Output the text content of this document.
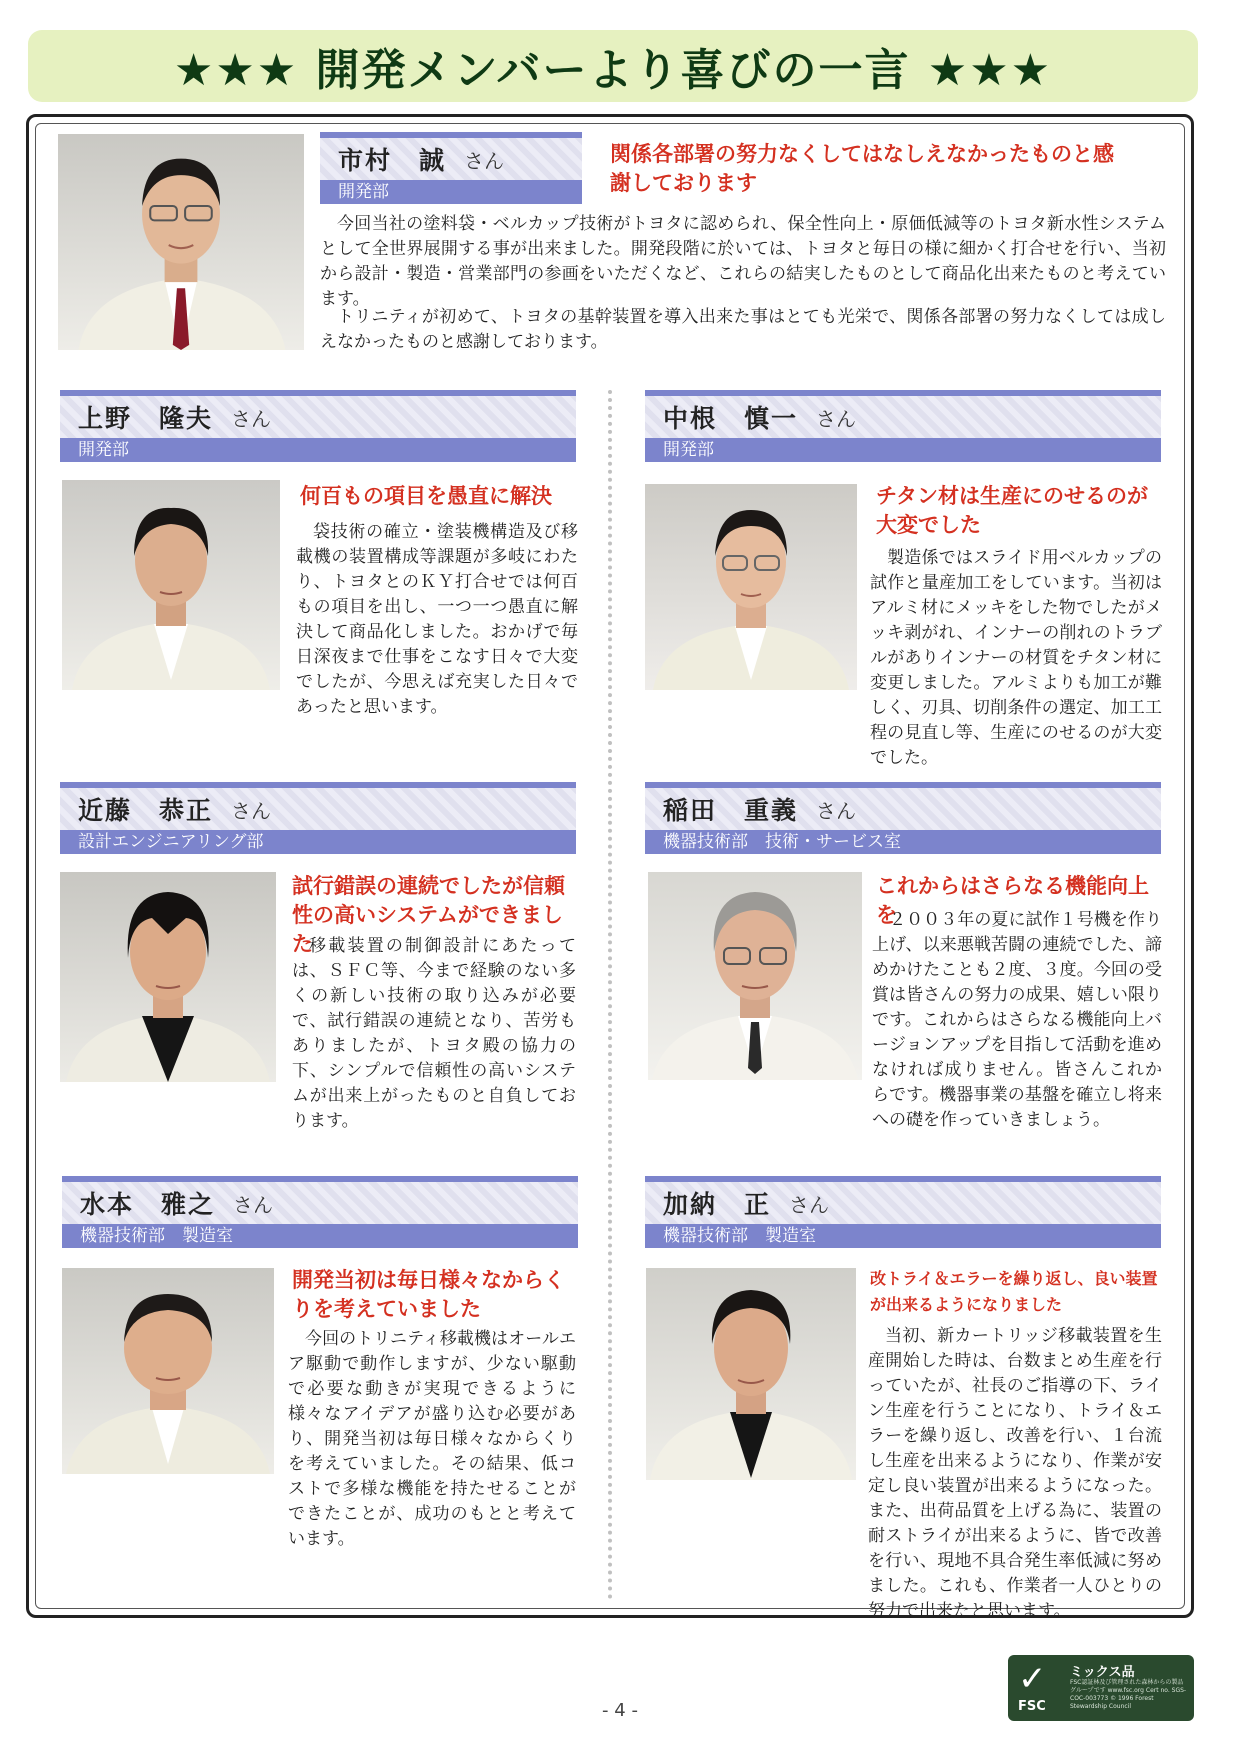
★★★ 開発メンバーより喜びの一言 ★★★
市村　誠 さん
開発部
関係各部署の努力なくしてはなしえなかったものと感謝しております
今回当社の塗料袋・ベルカップ技術がトヨタに認められ、保全性向上・原価低減等のトヨタ新水性システムとして全世界展開する事が出来ました。開発段階に於いては、トヨタと毎日の様に細かく打合せを行い、当初から設計・製造・営業部門の参画をいただくなど、これらの結実したものとして商品化出来たものと考えています。
トリニティが初めて、トヨタの基幹装置を導入出来た事はとても光栄で、関係各部署の努力なくしては成しえなかったものと感謝しております。
上野　隆夫 さん
開発部
何百もの項目を愚直に解決
袋技術の確立・塗装機構造及び移載機の装置構成等課題が多岐にわたり、トヨタとのＫＹ打合せでは何百もの項目を出し、一つ一つ愚直に解決して商品化しました。おかげで毎日深夜まで仕事をこなす日々で大変でしたが、今思えば充実した日々であったと思います。
中根　慎一 さん
開発部
チタン材は生産にのせるのが大変でした
製造係ではスライド用ベルカップの試作と量産加工をしています。当初はアルミ材にメッキをした物でしたがメッキ剥がれ、インナーの削れのトラブルがありインナーの材質をチタン材に変更しました。アルミよりも加工が難しく、刃具、切削条件の選定、加工工程の見直し等、生産にのせるのが大変でした。
近藤　恭正 さん
設計エンジニアリング部
試行錯誤の連続でしたが信頼性の高いシステムができました
移載装置の制御設計にあたっては、ＳＦＣ等、今まで経験のない多くの新しい技術の取り込みが必要で、試行錯誤の連続となり、苦労もありましたが、トヨタ殿の協力の下、シンプルで信頼性の高いシステムが出来上がったものと自負しております。
稲田　重義 さん
機器技術部　技術・サービス室
これからはさらなる機能向上を
２００３年の夏に試作１号機を作り上げ、以来悪戦苦闘の連続でした、諦めかけたことも２度、３度。今回の受賞は皆さんの努力の成果、嬉しい限りです。これからはさらなる機能向上バージョンアップを目指して活動を進めなければ成りません。皆さんこれからです。機器事業の基盤を確立し将来への礎を作っていきましょう。
水本　雅之 さん
機器技術部　製造室
開発当初は毎日様々なからくりを考えていました
今回のトリニティ移載機はオールエア駆動で動作しますが、少ない駆動で必要な動きが実現できるように様々なアイデアが盛り込む必要があり、開発当初は毎日様々なからくりを考えていました。その結果、低コストで多様な機能を持たせることができたことが、成功のもとと考えています。
加納　正 さん
機器技術部　製造室
改トライ＆エラーを繰り返し、良い装置が出来るようになりました
当初、新カートリッジ移載装置を生産開始した時は、台数まとめ生産を行っていたが、社長のご指導の下、ライン生産を行うことになり、トライ＆エラーを繰り返し、改善を行い、１台流し生産を出来るようになり、作業が安定し良い装置が出来るようになった。また、出荷品質を上げる為に、装置の耐ストライが出来るように、皆で改善を行い、現地不具合発生率低減に努めました。これも、作業者一人ひとりの努力で出来たと思います。
- 4 -
✓
FSC
ミックス品
FSC認証林及び管理された森林からの製品グループです www.fsc.org Cert no. SGS-COC-003773 © 1996 Forest Stewardship Council
